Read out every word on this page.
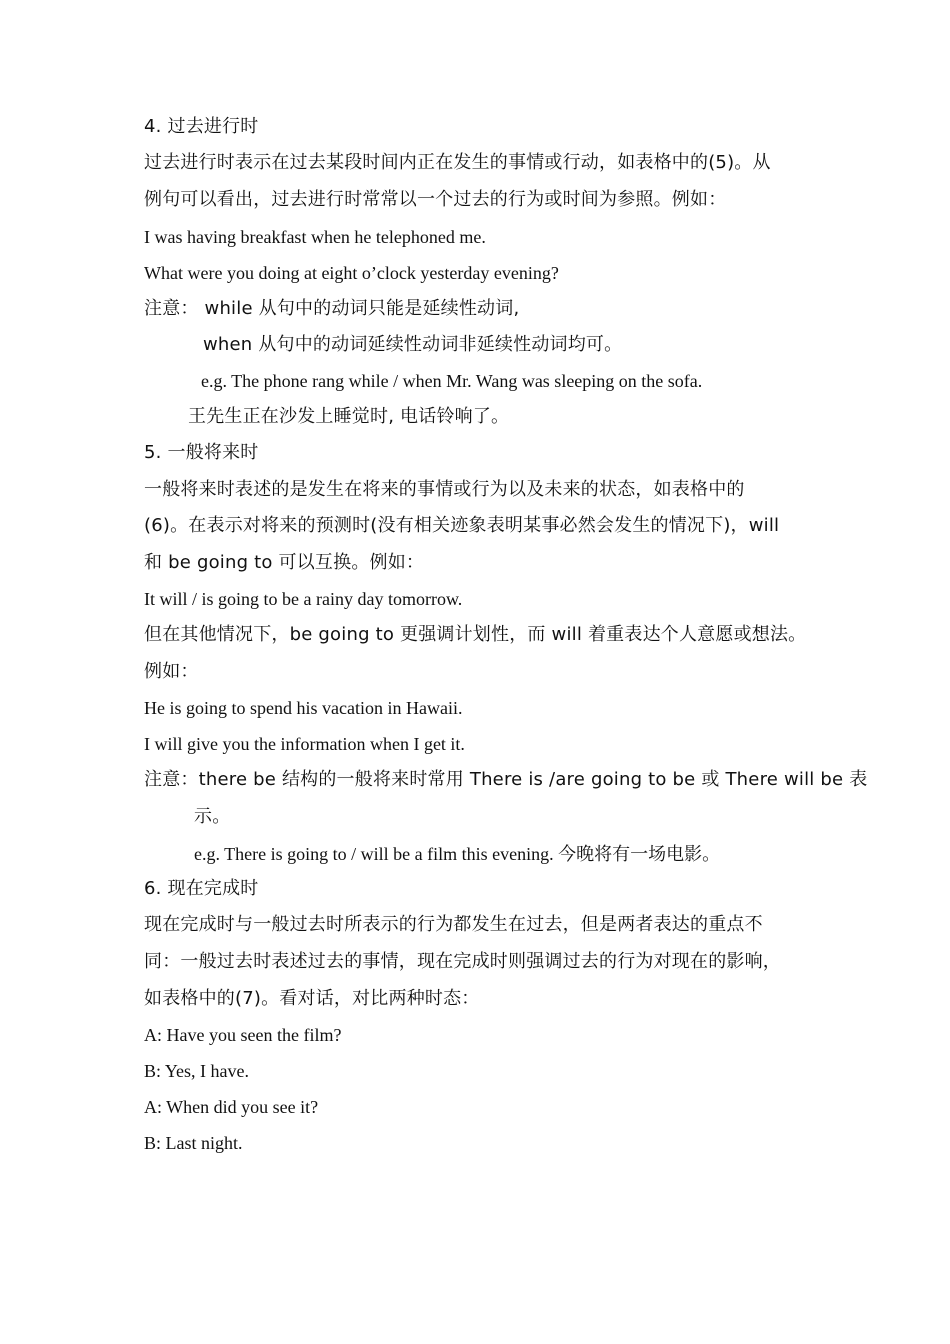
4. 过去进行时
过去进行时表示在过去某段时间内正在发生的事情或行动，如表格中的(5)。从
例句可以看出，过去进行时常常以一个过去的行为或时间为参照。例如：
I was having breakfast when he telephoned me.
What were you doing at eight o’clock yesterday evening?
注意： while 从句中的动词只能是延续性动词,
when 从句中的动词延续性动词非延续性动词均可。
e.g. The phone rang while / when Mr. Wang was sleeping on the sofa.
王先生正在沙发上睡觉时, 电话铃响了。
5. 一般将来时
一般将来时表述的是发生在将来的事情或行为以及未来的状态，如表格中的
(6)。在表示对将来的预测时(没有相关迹象表明某事必然会发生的情况下)，will
和 be going to 可以互换。例如：
It will / is going to be a rainy day tomorrow.
但在其他情况下，be going to 更强调计划性，而 will 着重表达个人意愿或想法。
例如：
He is going to spend his vacation in Hawaii.
I will give you the information when I get it.
注意：there be 结构的一般将来时常用 There is /are going to be 或 There will be 表
示。
e.g. There is going to / will be a film this evening. 今晚将有一场电影。
6. 现在完成时
现在完成时与一般过去时所表示的行为都发生在过去，但是两者表达的重点不
同：一般过去时表述过去的事情，现在完成时则强调过去的行为对现在的影响，
如表格中的(7)。看对话，对比两种时态：
A: Have you seen the film?
B: Yes, I have.
A: When did you see it?
B: Last night.
